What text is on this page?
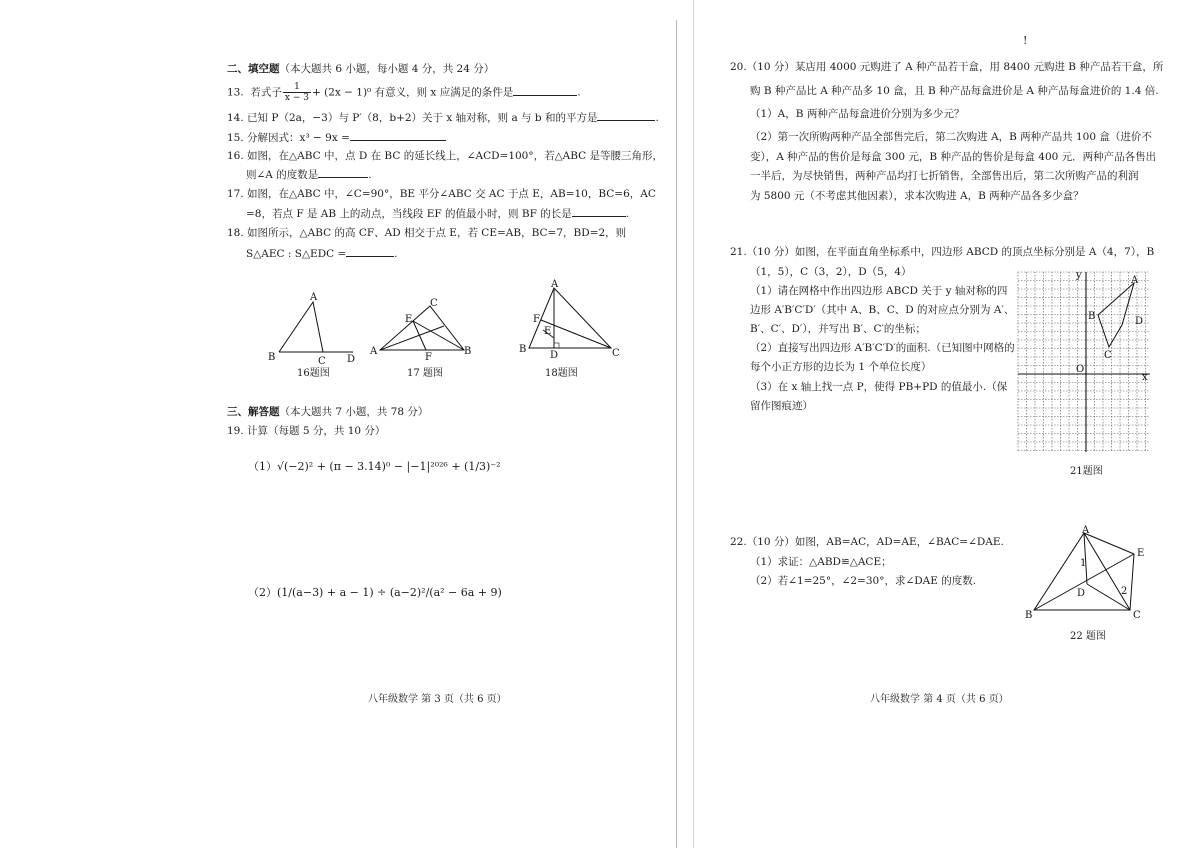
二、填空题（本大题共 6 小题，每小题 4 分，共 24 分）
13. 若式子 $\frac{1}{x - 3} + (2x - 1)^0$ 有意义，则 x 应满足的条件是	.
14. 已知 P（2a，−3）与 P′（8，b+2）关于 x 轴对称，则 a 与 b 和的平方是	.
15. 分解因式：x³ − 9x =
16. 如图，在△ABC 中，点 D 在 BC 的延长线上，∠ACD=100°，若△ABC 是等腰三角形，
则∠A 的度数是	.
17. 如图，在△ABC 中，∠C=90°，BE 平分∠ABC 交 AC 于点 E，AB=10，BC=6，AC
=8，若点 F 是 AB 上的动点，当线段 EF 的值最小时，则 BF 的长是	.
18. 如图所示，△ABC 的高 CF、AD 相交于点 E，若 CE=AB，BC=7，BD=2，则
S△AEC : S△EDC =	.
A
B	C D
16题图
C
E
A
F
B
17 题图
A
F
E
B
D	C
18题图
三、解答题（本大题共 7 小题，共 78 分）
19. 计算（每题 5 分，共 10 分）
（1）√(−2)² + (π − 3.14)⁰ − |−1|²⁰²⁶ + (1/3)⁻²
（2）(1/(a−3) + a − 1) ÷ (a−2)²/(a² − 6a + 9)
八年级数学 第 3 页（共 6 页）
!
20.（10 分）某店用 4000 元购进了 A 种产品若干盒，用 8400 元购进 B 种产品若干盒，所
购 B 种产品比 A 种产品多 10 盒，且 B 种产品每盒进价是 A 种产品每盒进价的 1.4 倍.
（1）A，B 两种产品每盒进价分别为多少元？
（2）第一次所购两种产品全部售完后，第二次购进 A，B 两种产品共 100 盒（进价不
变），A 种产品的售价是每盒 300 元，B 种产品的售价是每盒 400 元．两种产品各售出
一半后，为尽快销售，两种产品均打七折销售，全部售出后，第二次所购产品的利润
为 5800 元（不考虑其他因素），求本次购进 A，B 两种产品各多少盒？
21.（10 分）如图，在平面直角坐标系中，四边形 ABCD 的顶点坐标分别是 A（4，7），B
（1，5），C（3，2），D（5，4）
（1）请在网格中作出四边形 ABCD 关于 y 轴对称的四
边形 A′B′C′D′（其中 A、B、C、D 的对应点分别为 A′、
B′、C′、D′），并写出 B′、C′的坐标；
（2）直接写出四边形 A′B′C′D′的面积.（已知图中网格的
每个小正方形的边长为 1 个单位长度）
（3）在 x 轴上找一点 P，使得 PB+PD 的值最小.（保
留作图痕迹）
A
B
C
D
O
x
y
21题图
22.（10 分）如图，AB=AC，AD=AE，∠BAC=∠DAE.
（1）求证：△ABD≌△ACE；
（2）若∠1=25°，∠2=30°，求∠DAE 的度数.
A
E
1
D	2
B	C
22 题图
八年级数学 第 4 页（共 6 页）
